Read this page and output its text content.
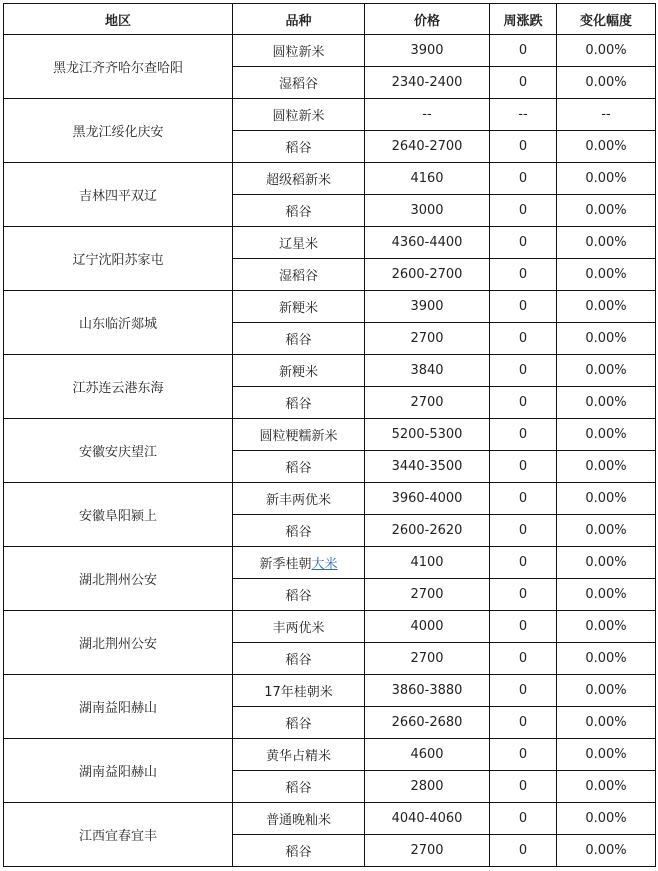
地区	品种	价格	周涨跌	变化幅度
黑龙江齐齐哈尔查哈阳	圆粒新米	3900	0	0.00%
	湿稻谷	2340-2400	0	0.00%
黑龙江绥化庆安	圆粒新米	--	--	--
	稻谷	2640-2700	0	0.00%
吉林四平双辽	超级稻新米	4160	0	0.00%
	稻谷	3000	0	0.00%
辽宁沈阳苏家屯	辽星米	4360-4400	0	0.00%
	湿稻谷	2600-2700	0	0.00%
山东临沂郯城	新粳米	3900	0	0.00%
	稻谷	2700	0	0.00%
江苏连云港东海	新粳米	3840	0	0.00%
	稻谷	2700	0	0.00%
安徽安庆望江	圆粒粳糯新米	5200-5300	0	0.00%
	稻谷	3440-3500	0	0.00%
安徽阜阳颍上	新丰两优米	3960-4000	0	0.00%
	稻谷	2600-2620	0	0.00%
湖北荆州公安	新季桂朝大米	4100	0	0.00%
	稻谷	2700	0	0.00%
湖北荆州公安	丰两优米	4000	0	0.00%
	稻谷	2700	0	0.00%
湖南益阳赫山	17年桂朝米	3860-3880	0	0.00%
	稻谷	2660-2680	0	0.00%
湖南益阳赫山	黄华占精米	4600	0	0.00%
	稻谷	2800	0	0.00%
江西宜春宜丰	普通晚籼米	4040-4060	0	0.00%
	稻谷	2700	0	0.00%
